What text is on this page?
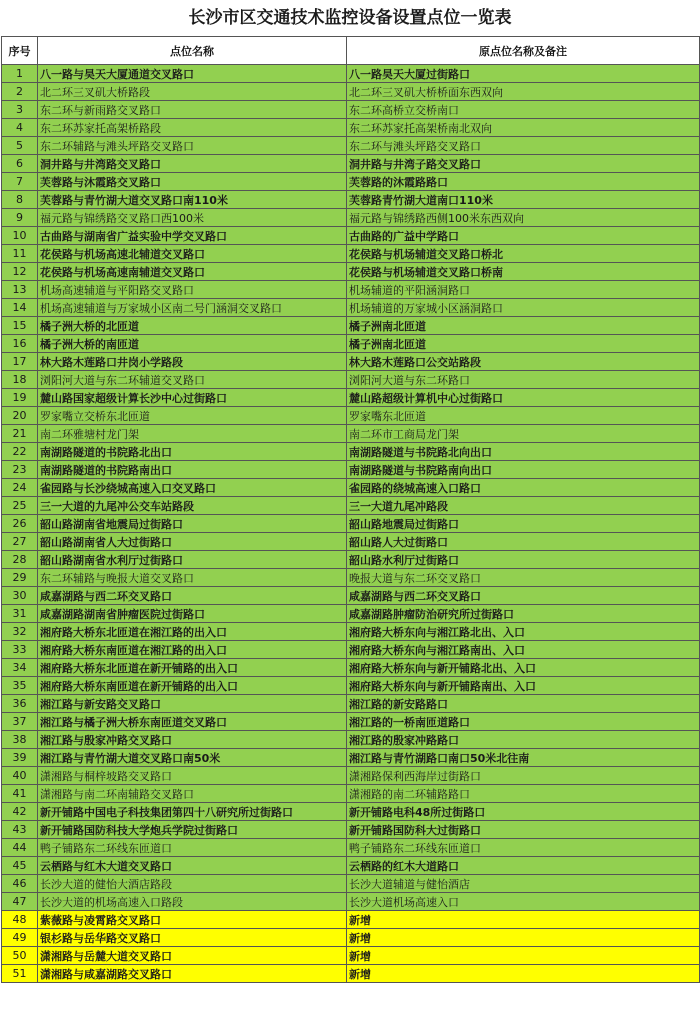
长沙市区交通技术监控设备设置点位一览表
序号	点位名称	原点位名称及备注
1	八一路与昊天大厦通道交叉路口	八一路昊天大厦过街路口
2	北二环三叉矶大桥路段	北二环三叉矶大桥桥面东西双向
3	东二环与新雨路交叉路口	东二环高桥立交桥南口
4	东二环苏家托高架桥路段	东二环苏家托高架桥南北双向
5	东二环辅路与滩头坪路交叉路口	东二环与滩头坪路交叉路口
6	洞井路与井湾路交叉路口	洞井路与井湾子路交叉路口
7	芙蓉路与沐霞路交叉路口	芙蓉路的沐霞路路口
8	芙蓉路与青竹湖大道交叉路口南110米	芙蓉路青竹湖大道南口110米
9	福元路与锦绣路交叉路口西100米	福元路与锦绣路西侧100米东西双向
10	古曲路与湖南省广益实验中学交叉路口	古曲路的广益中学路口
11	花侯路与机场高速北辅道交叉路口	花侯路与机场辅道交叉路口桥北
12	花侯路与机场高速南辅道交叉路口	花侯路与机场辅道交叉路口桥南
13	机场高速辅道与平阳路交叉路口	机场辅道的平阳涵洞路口
14	机场高速辅道与万家城小区南二号门涵洞交叉路口	机场辅道的万家城小区涵洞路口
15	橘子洲大桥的北匝道	橘子洲南北匝道
16	橘子洲大桥的南匝道	橘子洲南北匝道
17	林大路木莲路口井岗小学路段	林大路木莲路口公交站路段
18	浏阳河大道与东二环辅道交叉路口	浏阳河大道与东二环路口
19	麓山路国家超级计算长沙中心过街路口	麓山路超级计算机中心过街路口
20	罗家嘴立交桥东北匝道	罗家嘴东北匝道
21	南二环雅塘村龙门架	南二环市工商局龙门架
22	南湖路隧道的书院路北出口	南湖路隧道与书院路北向出口
23	南湖路隧道的书院路南出口	南湖路隧道与书院路南向出口
24	雀园路与长沙绕城高速入口交叉路口	雀园路的绕城高速入口路口
25	三一大道的九尾冲公交车站路段	三一大道九尾冲路段
26	韶山路湖南省地震局过街路口	韶山路地震局过街路口
27	韶山路湖南省人大过街路口	韶山路人大过街路口
28	韶山路湖南省水利厅过街路口	韶山路水利厅过街路口
29	东二环辅路与晚报大道交叉路口	晚报大道与东二环交叉路口
30	咸嘉湖路与西二环交叉路口	咸嘉湖路与西二环交叉路口
31	咸嘉湖路湖南省肿瘤医院过街路口	咸嘉湖路肿瘤防治研究所过街路口
32	湘府路大桥东北匝道在湘江路的出入口	湘府路大桥东向与湘江路北出、入口
33	湘府路大桥东南匝道在湘江路的出入口	湘府路大桥东向与湘江路南出、入口
34	湘府路大桥东北匝道在新开铺路的出入口	湘府路大桥东向与新开铺路北出、入口
35	湘府路大桥东南匝道在新开铺路的出入口	湘府路大桥东向与新开铺路南出、入口
36	湘江路与新安路交叉路口	湘江路的新安路路口
37	湘江路与橘子洲大桥东南匝道交叉路口	湘江路的一桥南匝道路口
38	湘江路与殷家冲路交叉路口	湘江路的殷家冲路路口
39	湘江路与青竹湖大道交叉路口南50米	湘江路与青竹湖路口南口50米北往南
40	潇湘路与桐梓坡路交叉路口	潇湘路保利西海岸过街路口
41	潇湘路与南二环南辅路交叉路口	潇湘路的南二环辅路路口
42	新开铺路中国电子科技集团第四十八研究所过街路口	新开铺路电科48所过街路口
43	新开铺路国防科技大学炮兵学院过街路口	新开铺路国防科大过街路口
44	鸭子铺路东二环线东匝道口	鸭子铺路东二环线东匝道口
45	云栖路与红木大道交叉路口	云栖路的红木大道路口
46	长沙大道的健怡大酒店路段	长沙大道辅道与健怡酒店
47	长沙大道的机场高速入口路段	长沙大道机场高速入口
48	紫薇路与凌霄路交叉路口	新增
49	银杉路与岳华路交叉路口	新增
50	潇湘路与岳麓大道交叉路口	新增
51	潇湘路与咸嘉湖路交叉路口	新增
